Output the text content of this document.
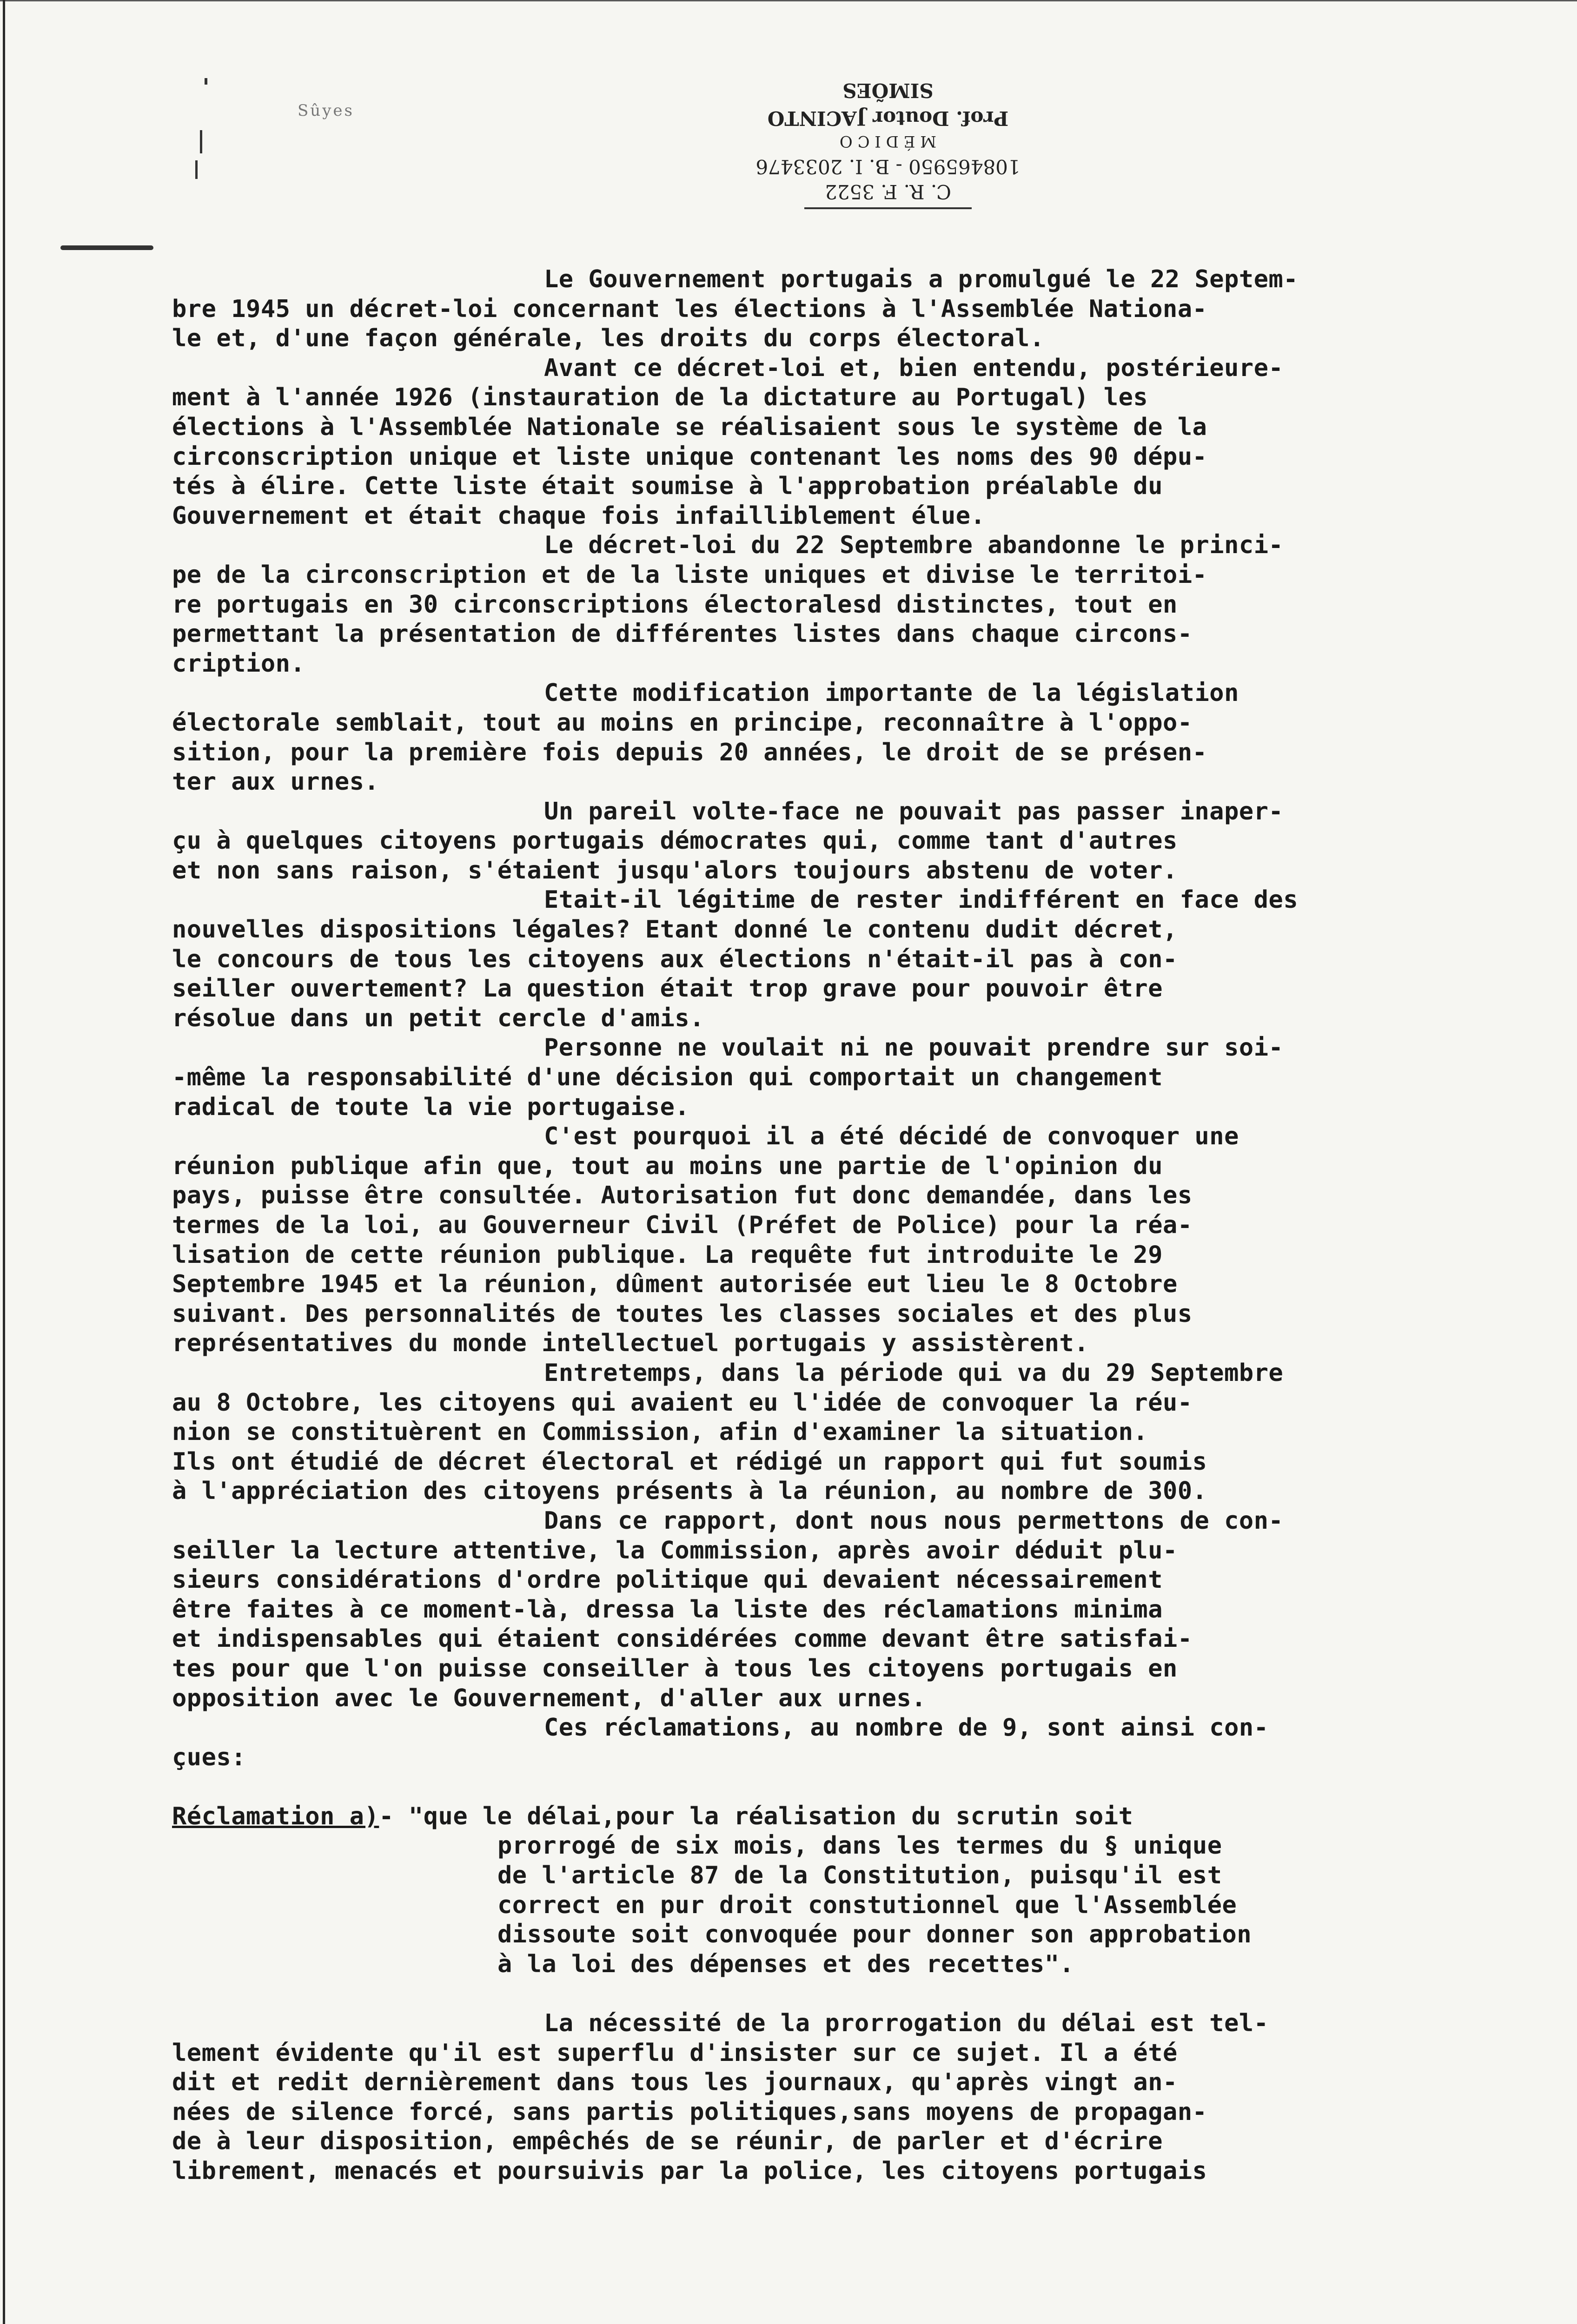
Sûyes
C. R. F. 3522
108465950 - B. I. 2033476
M É D I C O
Prof. Doutor JACINTO SIMÕES
Le Gouvernement portugais a promulgué le 22 Septem-
bre 1945 un décret-loi concernant les élections à l'Assemblée Nationa-
le et, d'une façon générale, les droits du corps électoral.
Avant ce décret-loi et, bien entendu, postérieure-
ment à l'année 1926 (instauration de la dictature au Portugal) les
élections à l'Assemblée Nationale se réalisaient sous le système de la
circonscription unique et liste unique contenant les noms des 90 dépu-
tés à élire. Cette liste était soumise à l'approbation préalable du
Gouvernement et était chaque fois infailliblement élue.
Le décret-loi du 22 Septembre abandonne le princi-
pe de la circonscription et de la liste uniques et divise le territoi-
re portugais en 30 circonscriptions électoralesd distinctes, tout en
permettant la présentation de différentes listes dans chaque circons-
cription.
Cette modification importante de la législation
électorale semblait, tout au moins en principe, reconnaître à l'oppo-
sition, pour la première fois depuis 20 années, le droit de se présen-
ter aux urnes.
Un pareil volte-face ne pouvait pas passer inaper-
çu à quelques citoyens portugais démocrates qui, comme tant d'autres
et non sans raison, s'étaient jusqu'alors toujours abstenu de voter.
Etait-il légitime de rester indifférent en face des
nouvelles dispositions légales? Etant donné le contenu dudit décret,
le concours de tous les citoyens aux élections n'était-il pas à con-
seiller ouvertement? La question était trop grave pour pouvoir être
résolue dans un petit cercle d'amis.
Personne ne voulait ni ne pouvait prendre sur soi-
-même la responsabilité d'une décision qui comportait un changement
radical de toute la vie portugaise.
C'est pourquoi il a été décidé de convoquer une
réunion publique afin que, tout au moins une partie de l'opinion du
pays, puisse être consultée. Autorisation fut donc demandée, dans les
termes de la loi, au Gouverneur Civil (Préfet de Police) pour la réa-
lisation de cette réunion publique. La requête fut introduite le 29
Septembre 1945 et la réunion, dûment autorisée eut lieu le 8 Octobre
suivant. Des personnalités de toutes les classes sociales et des plus
représentatives du monde intellectuel portugais y assistèrent.
Entretemps, dans la période qui va du 29 Septembre
au 8 Octobre, les citoyens qui avaient eu l'idée de convoquer la réu-
nion se constituèrent en Commission, afin d'examiner la situation.
Ils ont étudié de décret électoral et rédigé un rapport qui fut soumis
à l'appréciation des citoyens présents à la réunion, au nombre de 300.
Dans ce rapport, dont nous nous permettons de con-
seiller la lecture attentive, la Commission, après avoir déduit plu-
sieurs considérations d'ordre politique qui devaient nécessairement
être faites à ce moment-là, dressa la liste des réclamations minima
et indispensables qui étaient considérées comme devant être satisfai-
tes pour que l'on puisse conseiller à tous les citoyens portugais en
opposition avec le Gouvernement, d'aller aux urnes.
Ces réclamations, au nombre de 9, sont ainsi con-
çues:
Réclamation a)- "que le délai,pour la réalisation du scrutin soit
prorrogé de six mois, dans les termes du § unique
de l'article 87 de la Constitution, puisqu'il est
correct en pur droit constutionnel que l'Assemblée
dissoute soit convoquée pour donner son approbation
à la loi des dépenses et des recettes".
La nécessité de la prorrogation du délai est tel-
lement évidente qu'il est superflu d'insister sur ce sujet. Il a été
dit et redit dernièrement dans tous les journaux, qu'après vingt an-
nées de silence forcé, sans partis politiques,sans moyens de propagan-
de à leur disposition, empêchés de se réunir, de parler et d'écrire
librement, menacés et poursuivis par la police, les citoyens portugais
